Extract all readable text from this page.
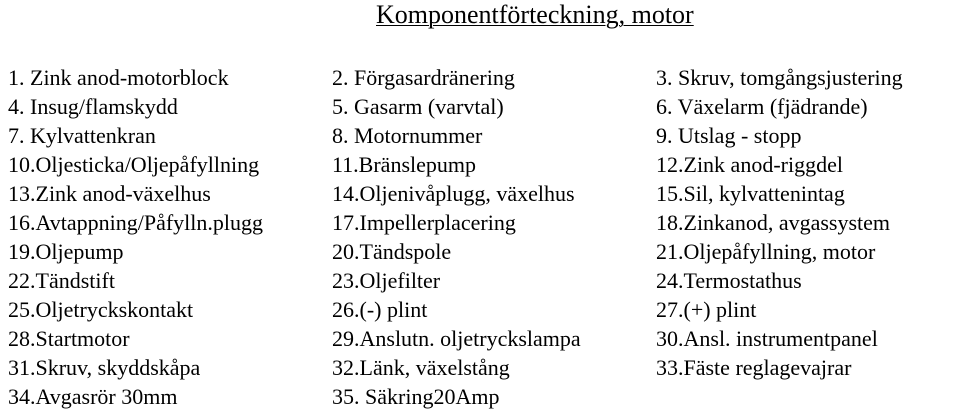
Komponentförteckning, motor
1. Zink anod-motorblock
4. Insug/flamskydd
7. Kylvattenkran
10.Oljesticka/Oljepåfyllning
13.Zink anod-växelhus
16.Avtappning/Påfylln.plugg
19.Oljepump
22.Tändstift
25.Oljetryckskontakt
28.Startmotor
31.Skruv, skyddskåpa
34.Avgasrör 30mm
2. Förgasardränering
5. Gasarm (varvtal)
8. Motornummer
11.Bränslepump
14.Oljenivåplugg, växelhus
17.Impellerplacering
20.Tändspole
23.Oljefilter
26.(-) plint
29.Anslutn. oljetryckslampa
32.Länk, växelstång
35. Säkring20Amp
3. Skruv, tomgångsjustering
6. Växelarm (fjädrande)
9. Utslag - stopp
12.Zink anod-riggdel
15.Sil, kylvattenintag
18.Zinkanod, avgassystem
21.Oljepåfyllning, motor
24.Termostathus
27.(+) plint
30.Ansl. instrumentpanel
33.Fäste reglagevajrar
